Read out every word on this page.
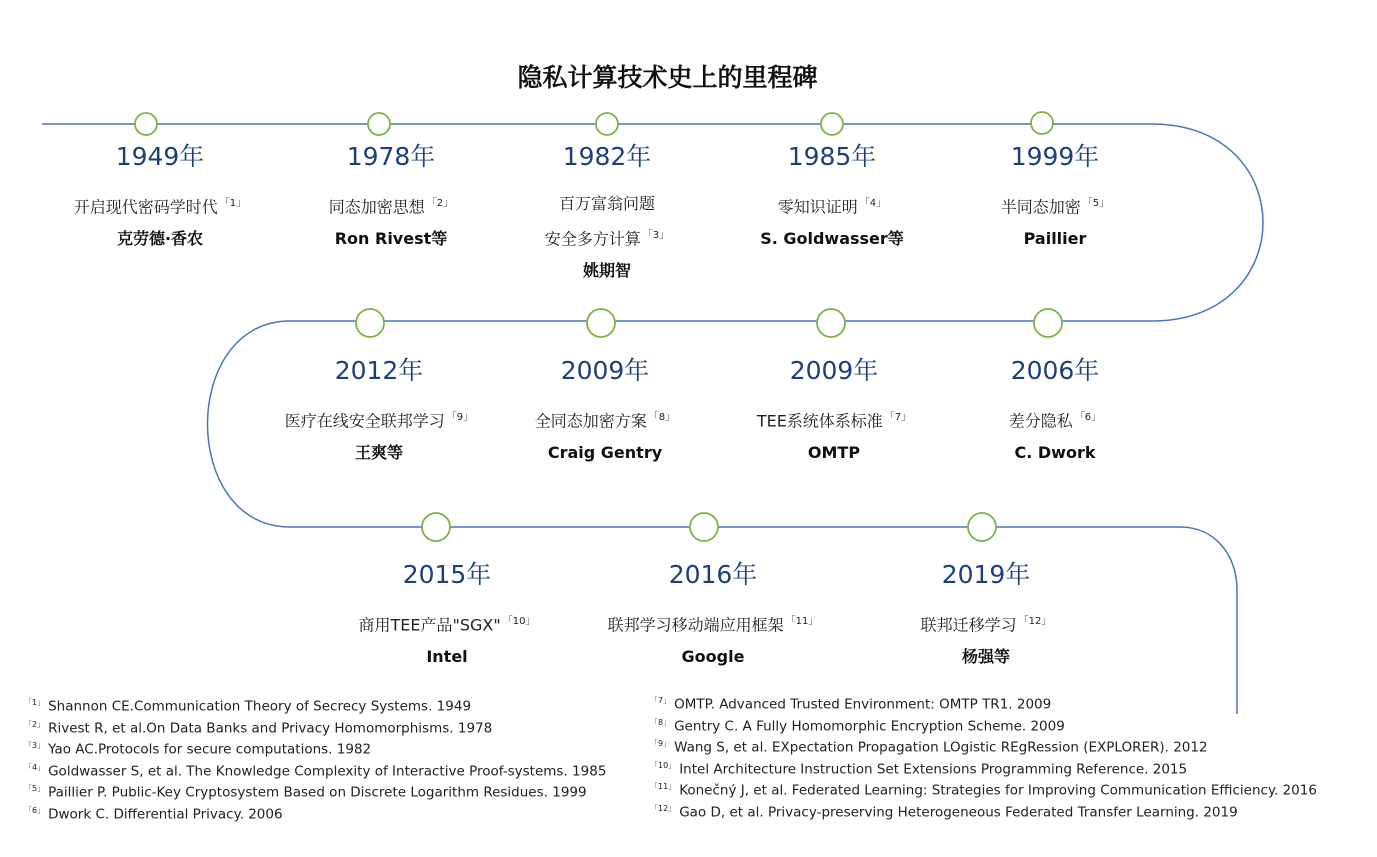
隐私计算技术史上的里程碑
1949年
开启现代密码学时代 $^{「1」}$
克劳德·香农
1978年
同态加密思想 $^{「2」}$
Ron Rivest等
1982年
百万富翁问题
安全多方计算 $^{「3」}$
姚期智
1985年
零知识证明 $^{「4」}$
S. Goldwasser等
1999年
半同态加密 $^{「5」}$
Paillier
2006年
差分隐私 $^{「6」}$
C. Dwork
2009年
TEE系统体系标准 $^{「7」}$
OMTP
2009年
全同态加密方案 $^{「8」}$
Craig Gentry
2012年
医疗在线安全联邦学习 $^{「9」}$
王爽等
2015年
商用TEE产品"SGX" $^{「10」}$
Intel
2016年
联邦学习移动端应用框架 $^{「11」}$
Google
2019年
联邦迁移学习 $^{「12」}$
杨强等
$^{「1」}$ Shannon CE.Communication Theory of Secrecy Systems. 1949
$^{「2」}$ Rivest R, et al.On Data Banks and Privacy Homomorphisms. 1978
$^{「3」}$ Yao AC.Protocols for secure computations. 1982
$^{「4」}$ Goldwasser S, et al. The Knowledge Complexity of Interactive Proof-systems. 1985
$^{「5」}$ Paillier P. Public-Key Cryptosystem Based on Discrete Logarithm Residues. 1999
$^{「6」}$ Dwork C. Differential Privacy. 2006
$^{「7」}$ OMTP. Advanced Trusted Environment: OMTP TR1. 2009
$^{「8」}$ Gentry C. A Fully Homomorphic Encryption Scheme. 2009
$^{「9」}$ Wang S, et al. EXpectation Propagation LOgistic REgRession (EXPLORER). 2012
$^{「10」}$ Intel Architecture Instruction Set Extensions Programming Reference. 2015
$^{「11」}$ Konečný J, et al. Federated Learning: Strategies for Improving Communication Efficiency. 2016
$^{「12」}$ Gao D, et al. Privacy-preserving Heterogeneous Federated Transfer Learning. 2019
